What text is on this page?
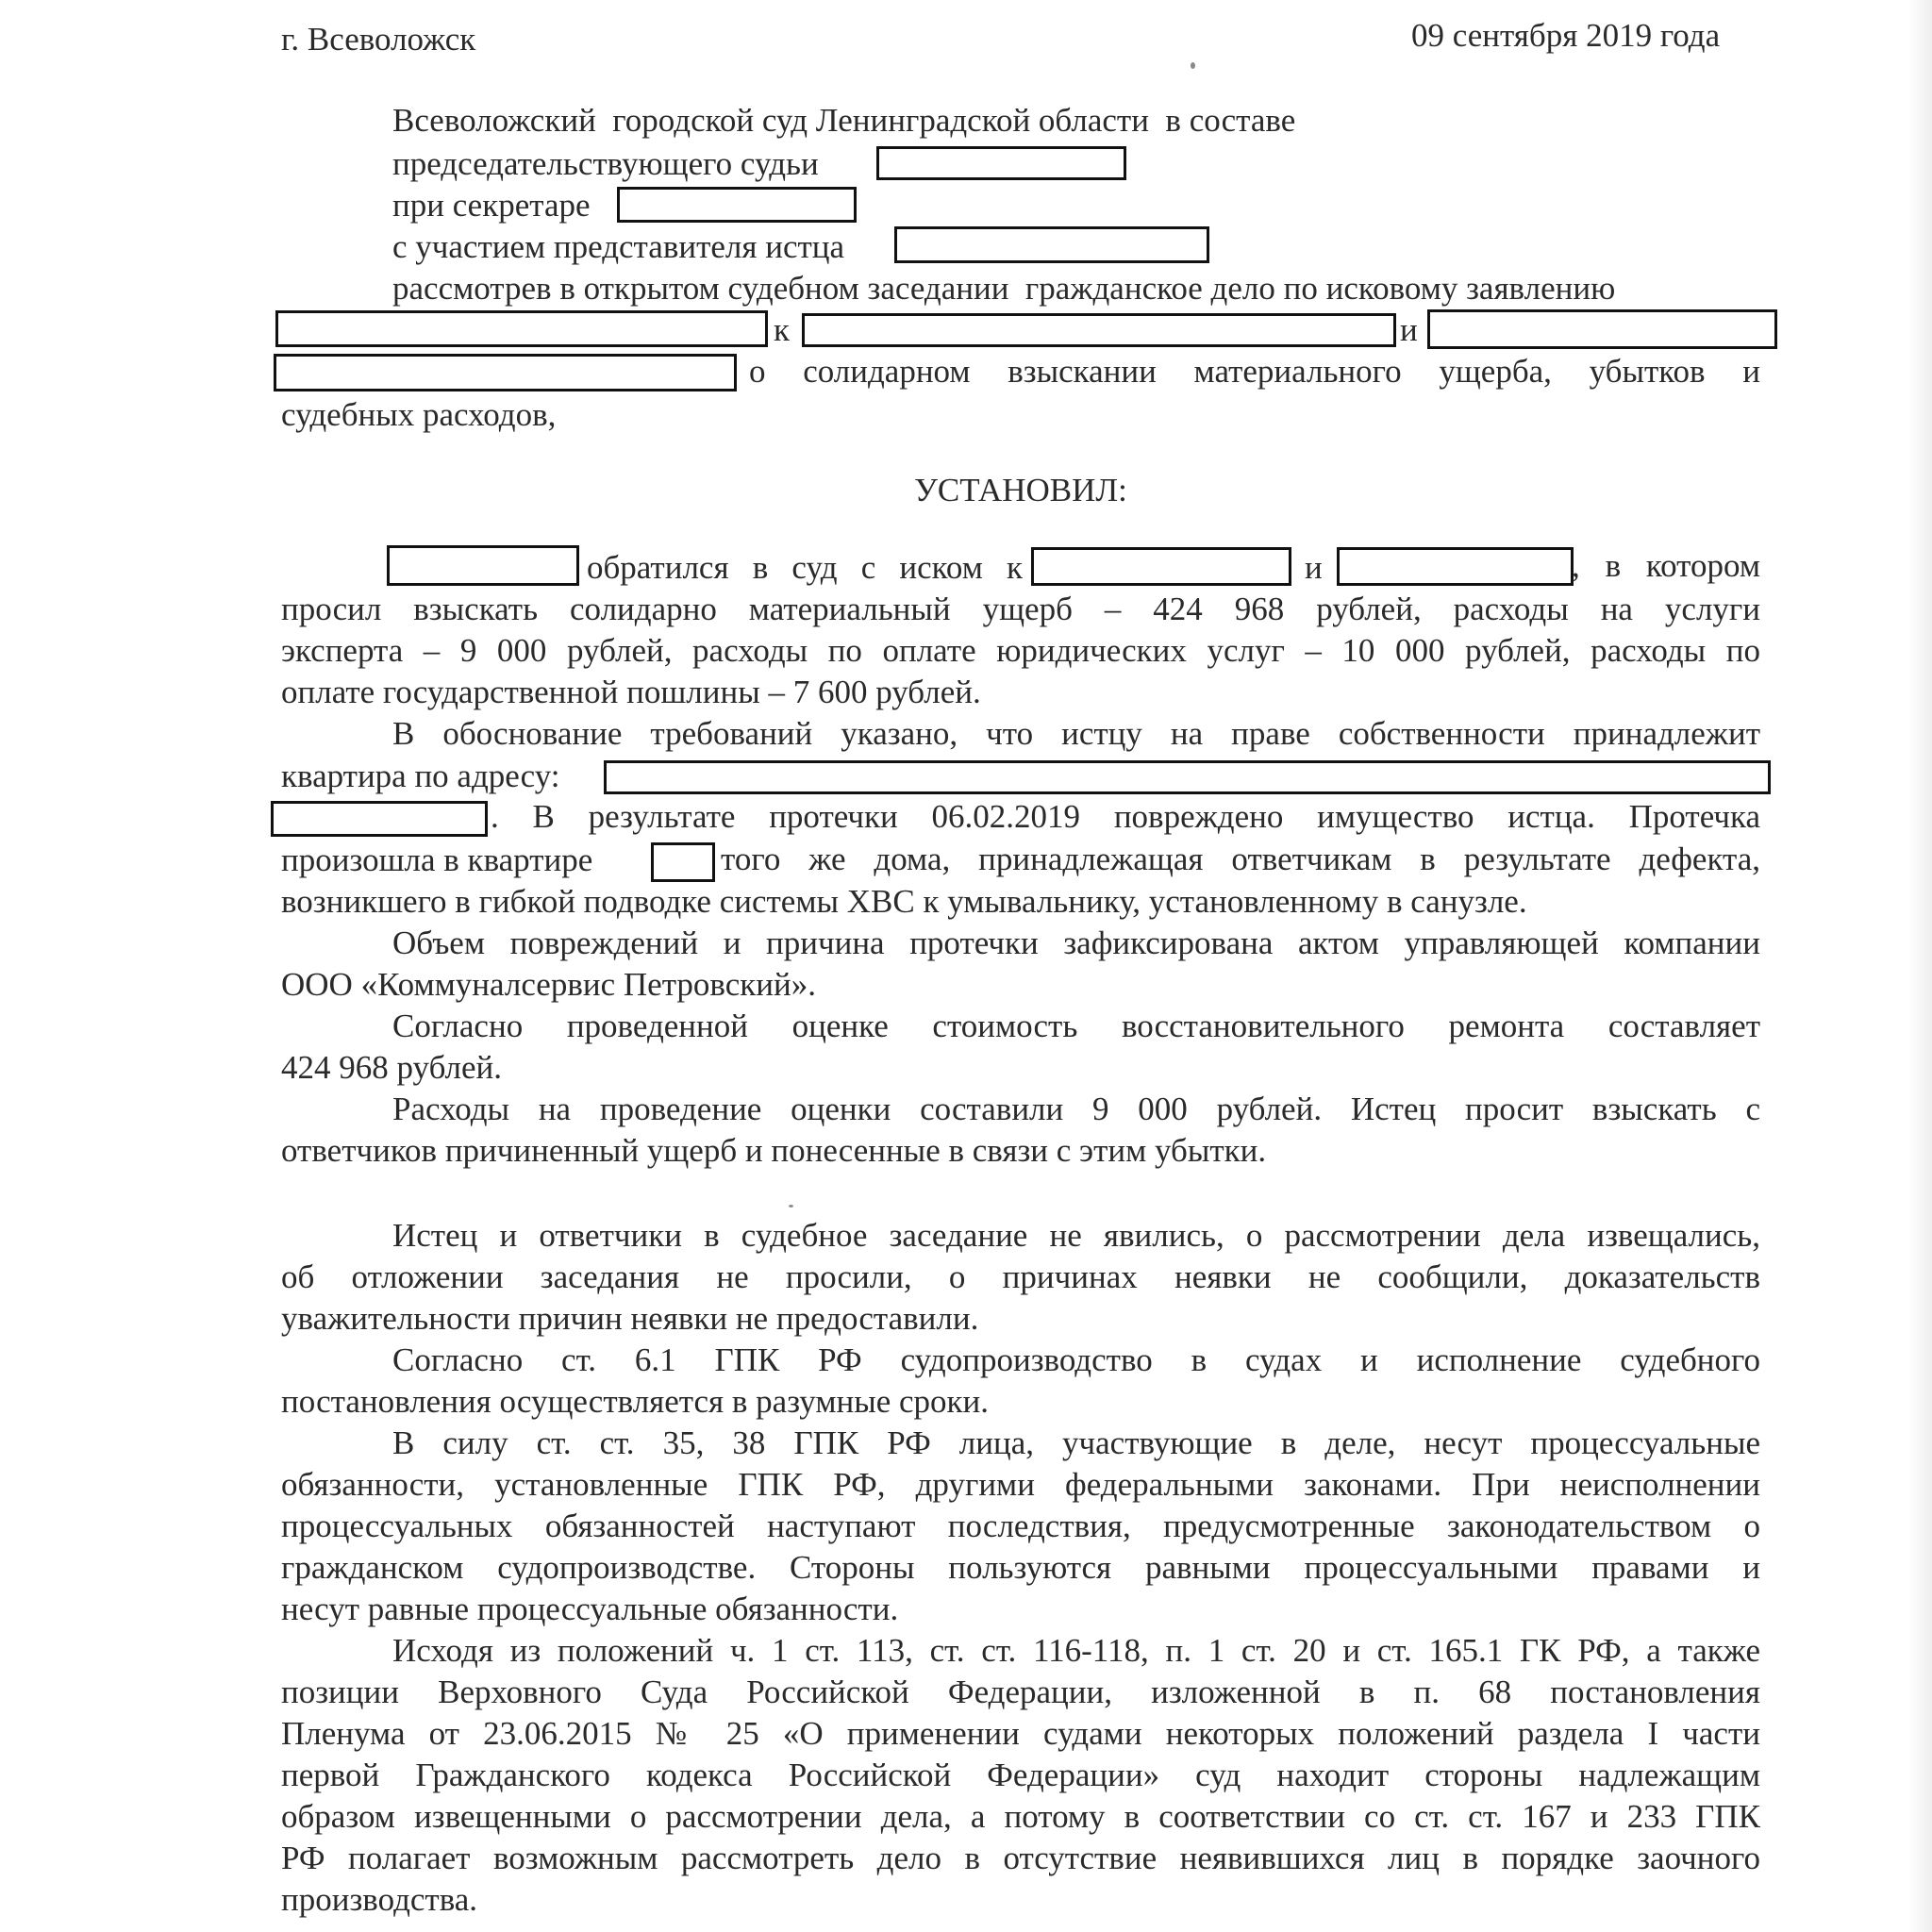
г. Всеволожск	09 сентября 2019 года
Всеволожский  городской суд Ленинградской области  в составе
председательствующего судьи
при секретаре
с участием представителя истца
рассмотрев в открытом судебном заседании  гражданское дело по исковому заявлению
к	и
о солидарном взыскании материального ущерба, убытков и
судебных расходов,
УСТАНОВИЛ:
обратился в суд с иском к	и	, в котором
просил взыскать солидарно материальный ущерб – 424 968 рублей, расходы на услуги
эксперта – 9 000 рублей, расходы по оплате юридических услуг – 10 000 рублей, расходы по
оплате государственной пошлины – 7 600 рублей.
В обоснование требований указано, что истцу на праве собственности принадлежит
квартира по адресу:
. В результате протечки 06.02.2019 повреждено имущество истца. Протечка
произошла в квартире	того же дома, принадлежащая ответчикам в результате дефекта,
возникшего в гибкой подводке системы ХВС к умывальнику, установленному в санузле.
Объем повреждений и причина протечки зафиксирована актом управляющей компании
ООО «Коммуналсервис Петровский».
Согласно проведенной оценке стоимость восстановительного ремонта составляет
424 968 рублей.
Расходы на проведение оценки составили 9 000 рублей. Истец просит взыскать с
ответчиков причиненный ущерб и понесенные в связи с этим убытки.
Истец и ответчики в судебное заседание не явились, о рассмотрении дела извещались,
об отложении заседания не просили, о причинах неявки не сообщили, доказательств
уважительности причин неявки не предоставили.
Согласно ст. 6.1 ГПК РФ судопроизводство в судах и исполнение судебного
постановления осуществляется в разумные сроки.
В силу ст. ст. 35, 38 ГПК РФ лица, участвующие в деле, несут процессуальные
обязанности, установленные ГПК РФ, другими федеральными законами. При неисполнении
процессуальных обязанностей наступают последствия, предусмотренные законодательством о
гражданском судопроизводстве. Стороны пользуются равными процессуальными правами и
несут равные процессуальные обязанности.
Исходя из положений ч. 1 ст. 113, ст. ст. 116-118, п. 1 ст. 20 и ст. 165.1 ГК РФ, а также
позиции Верховного Суда Российской Федерации, изложенной в п. 68 постановления
Пленума от 23.06.2015 № 25 «О применении судами некоторых положений раздела I части
первой Гражданского кодекса Российской Федерации» суд находит стороны надлежащим
образом извещенными о рассмотрении дела, а потому в соответствии со ст. ст. 167 и 233 ГПК
РФ полагает возможным рассмотреть дело в отсутствие неявившихся лиц в порядке заочного
производства.
